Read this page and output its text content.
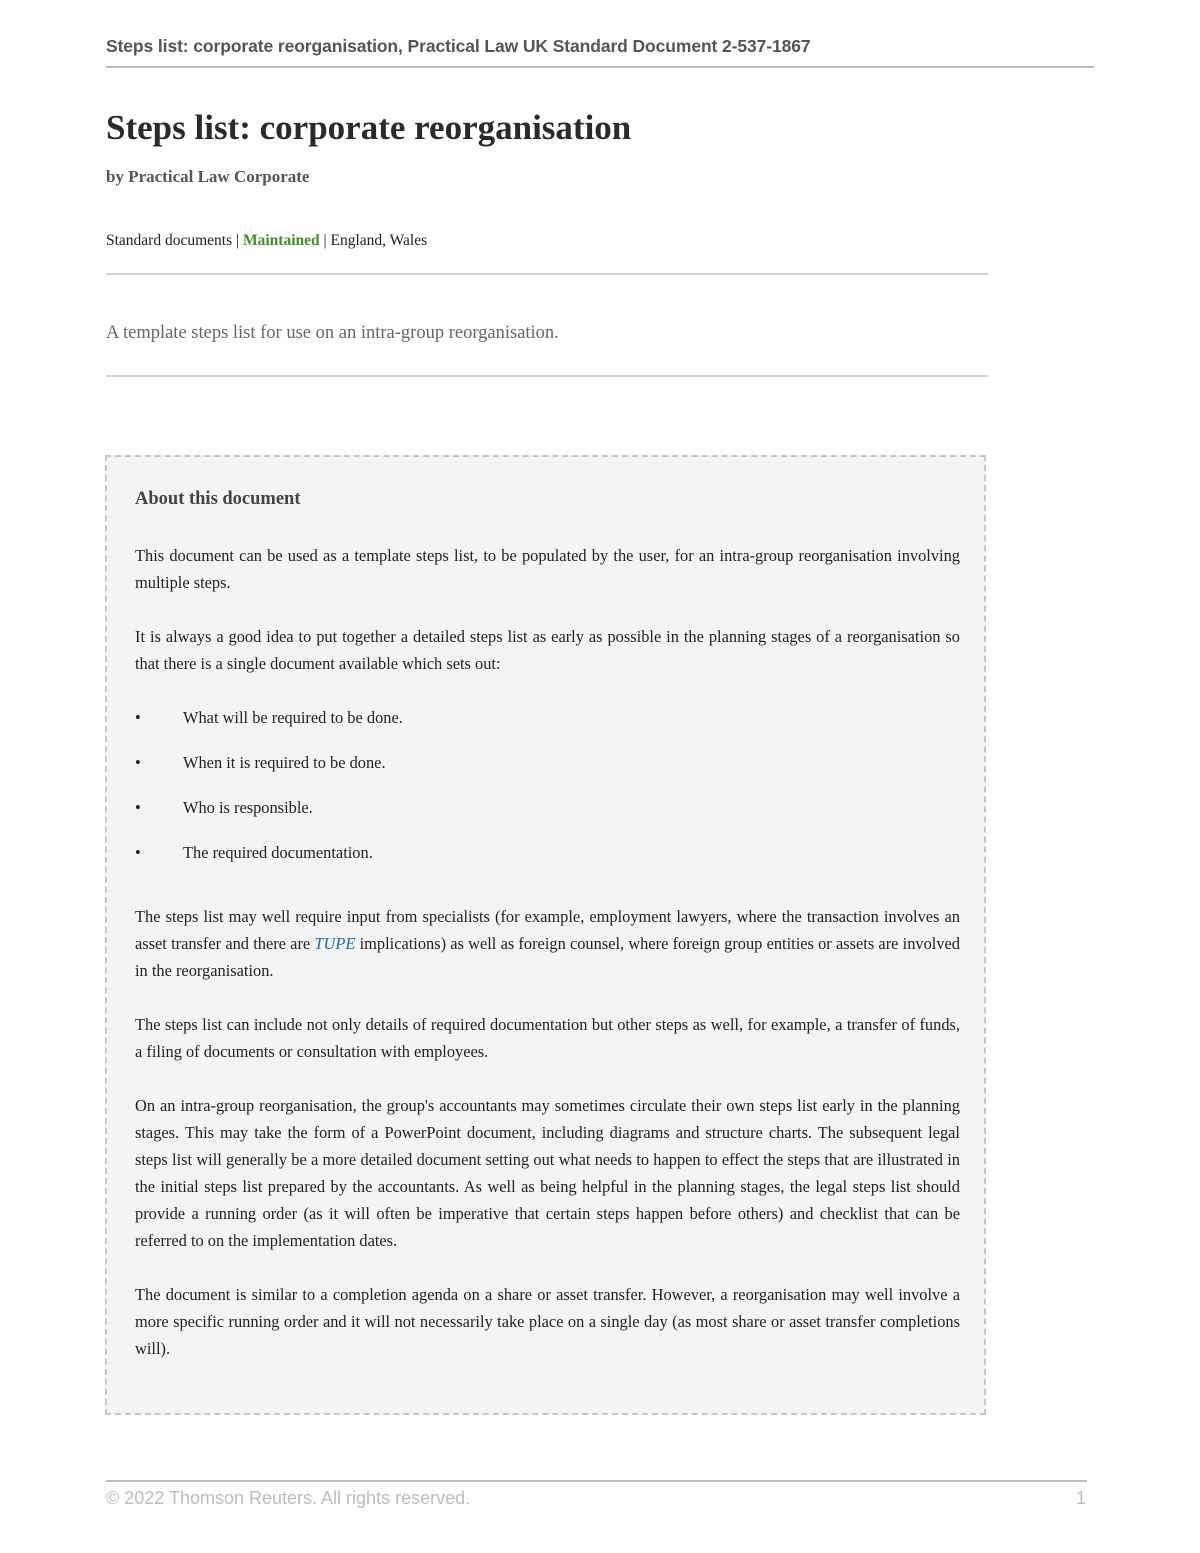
Steps list: corporate reorganisation, Practical Law UK Standard Document 2-537-1867
Steps list: corporate reorganisation
by Practical Law Corporate
Standard documents | Maintained | England, Wales
A template steps list for use on an intra-group reorganisation.
About this document

This document can be used as a template steps list, to be populated by the user, for an intra-group reorganisation involving multiple steps.

It is always a good idea to put together a detailed steps list as early as possible in the planning stages of a reorganisation so that there is a single document available which sets out:

•	What will be required to be done.
•	When it is required to be done.
•	Who is responsible.
•	The required documentation.

The steps list may well require input from specialists (for example, employment lawyers, where the transaction involves an asset transfer and there are TUPE implications) as well as foreign counsel, where foreign group entities or assets are involved in the reorganisation.

The steps list can include not only details of required documentation but other steps as well, for example, a transfer of funds, a filing of documents or consultation with employees.

On an intra-group reorganisation, the group's accountants may sometimes circulate their own steps list early in the planning stages. This may take the form of a PowerPoint document, including diagrams and structure charts. The subsequent legal steps list will generally be a more detailed document setting out what needs to happen to effect the steps that are illustrated in the initial steps list prepared by the accountants. As well as being helpful in the planning stages, the legal steps list should provide a running order (as it will often be imperative that certain steps happen before others) and checklist that can be referred to on the implementation dates.

The document is similar to a completion agenda on a share or asset transfer. However, a reorganisation may well involve a more specific running order and it will not necessarily take place on a single day (as most share or asset transfer completions will).

© 2022 Thomson Reuters. All rights reserved.	1
